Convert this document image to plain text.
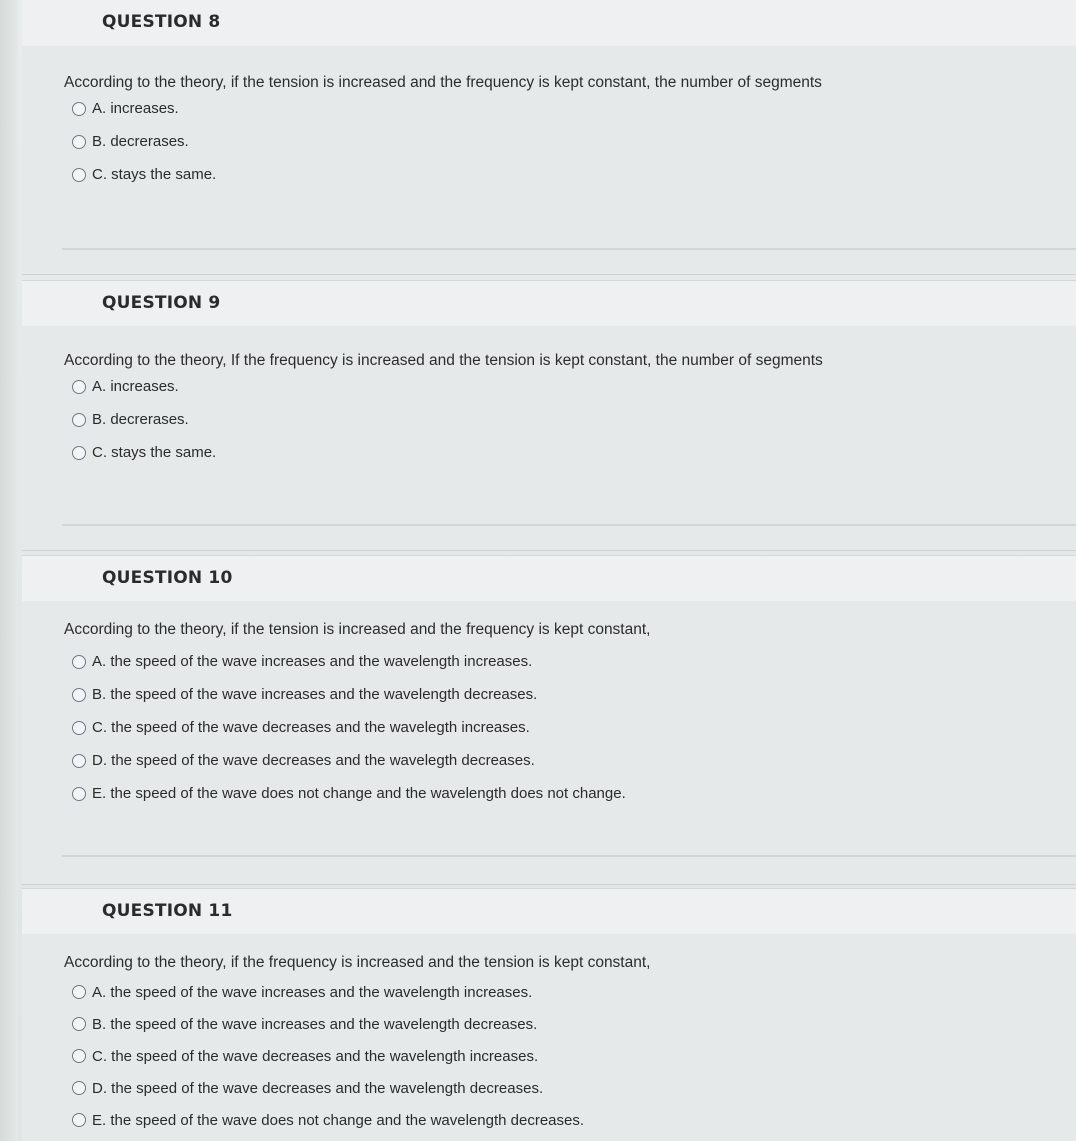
QUESTION 8
According to the theory, if the tension is increased and the frequency is kept constant, the number of segments
A. increases.
B. decrerases.
C. stays the same.
QUESTION 9
According to the theory, If the frequency is increased and the tension is kept constant, the number of segments
A. increases.
B. decrerases.
C. stays the same.
QUESTION 10
According to the theory, if the tension is increased and the frequency is kept constant,
A. the speed of the wave increases and the wavelength increases.
B. the speed of the wave increases and the wavelength decreases.
C. the speed of the wave decreases and the wavelegth increases.
D. the speed of the wave decreases and the wavelegth decreases.
E. the speed of the wave does not change and the wavelength does not change.
QUESTION 11
According to the theory, if the frequency is increased and the tension is kept constant,
A. the speed of the wave increases and the wavelength increases.
B. the speed of the wave increases and the wavelength decreases.
C. the speed of the wave decreases and the wavelength increases.
D. the speed of the wave decreases and the wavelength decreases.
E. the speed of the wave does not change and the wavelength decreases.
